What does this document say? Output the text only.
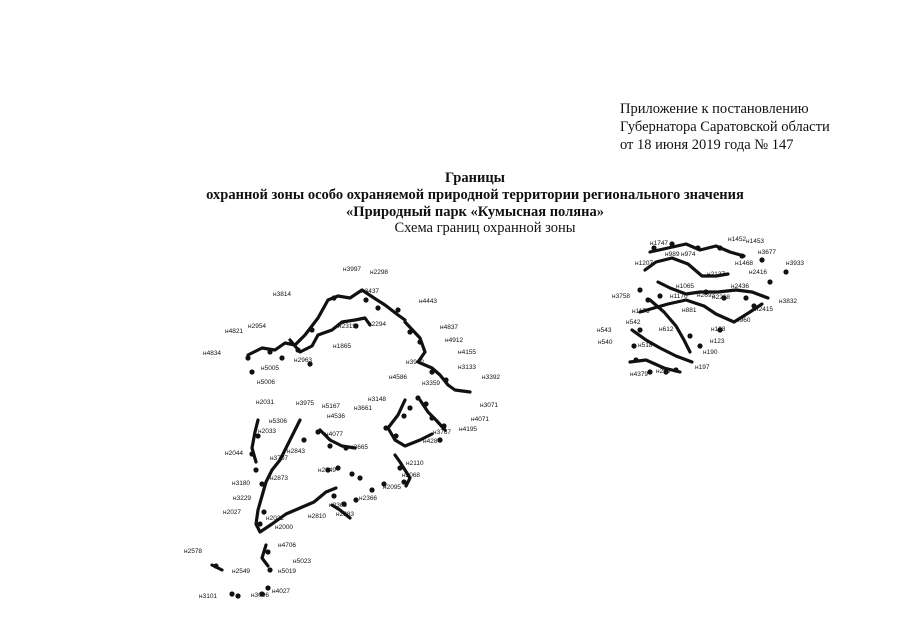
Приложение к постановлению
Губернатора Саратовской области
от 18 июня 2019 года № 147
Границы
охранной зоны особо охраняемой природной территории регионального значения
«Природный парк «Кумысная поляна»
Схема границ охранной зоны
н3997 н2298
н3814	н3437
н4443
н4821
н2954	н2319 н2294	н4837
н1865
н4912
н4834
н2963	н3942
н4155
н5005	н3133
н5006
н3392
н4586
н3359
н3071
н2031	н3975 н5167
н3148
н3661
н4536	н4071
н5306
н4195
н2033	н4077	н3787
н4284
н2044	н2843
н3707
н3665
н2110
н2849
н2068
н2873
н3180
н2095
н2366
н3229
н2369
н2383
н2027
н2022	н2810
н2000
н4706
н2578
н5023
н2549	н5019
н3101	н3096
н4027
н1747
н1452 н1453
н989 н974	н3677
н1207	н1468	н3933
н2137	н2416
н1065	н2436
н3832
н3758	н1170 н2693
н2268
н1173	н881	н2415
н960
н542
н543	н612	н108
н540	н123
н518
н190
н197
н4379 н269
